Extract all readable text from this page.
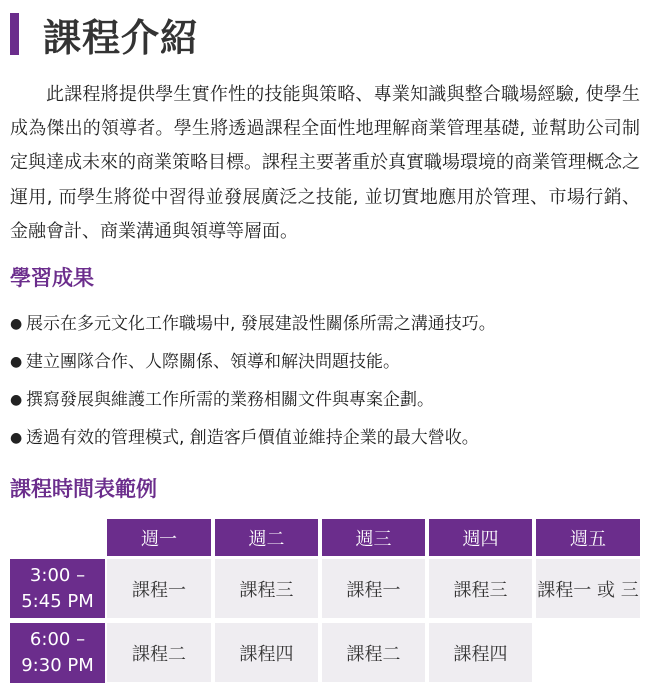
課程介紹

此課程將提供學生實作性的技能與策略、專業知識與整合職場經驗, 使學生成為傑出的領導者。學生將透過課程全面性地理解商業管理基礎, 並幫助公司制定與達成未來的商業策略目標。課程主要著重於真實職場環境的商業管理概念之運用, 而學生將從中習得並發展廣泛之技能, 並切實地應用於管理、市場行銷、金融會計、商業溝通與領導等層面。

學習成果
● 展示在多元文化工作職場中, 發展建設性關係所需之溝通技巧。
● 建立團隊合作、人際關係、領導和解決問題技能。
● 撰寫發展與維護工作所需的業務相關文件與專案企劃。
● 透過有效的管理模式, 創造客戶價值並維持企業的最大營收。
課程時間表範例
週一	週二	週三	週四	週五
3:00 –
5:45 PM
課程一	課程三	課程一	課程三	課程一 或 三
6:00 –
9:30 PM
課程二	課程四	課程二	課程四
